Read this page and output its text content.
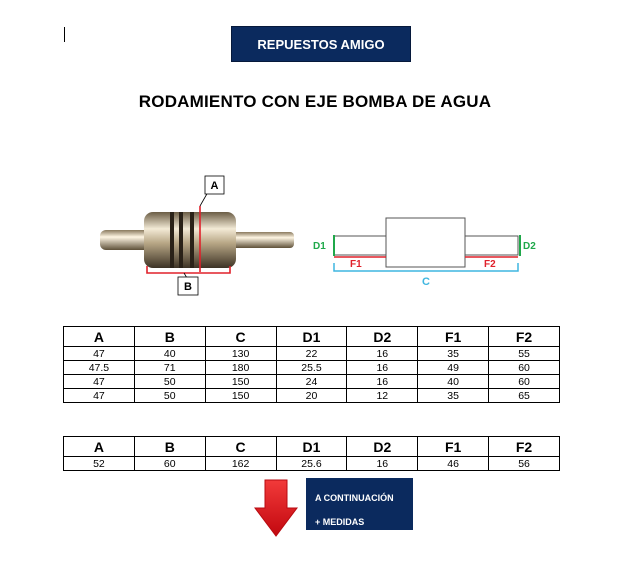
REPUESTOS AMIGO
RODAMIENTO CON EJE BOMBA DE AGUA
A
B
D1	D2
F1	F2
C
A	B	C	D1	D2	F1	F2
47	40	130	22	16	35	55
47.5	71	180	25.5	16	49	60
47	50	150	24	16	40	60
47	50	150	20	12	35	65
A	B	C	D1	D2	F1	F2
52	60	162	25.6	16	46	56
A CONTINUACIÓN
+ MEDIDAS
